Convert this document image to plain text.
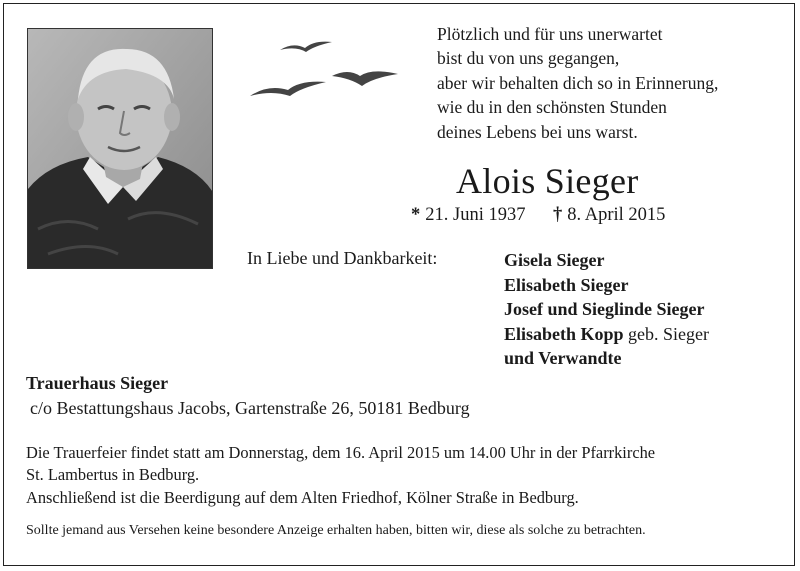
Plötzlich und für uns unerwartet
bist du von uns gegangen,
aber wir behalten dich so in Erinnerung,
wie du in den schönsten Stunden
deines Lebens bei uns warst.
Alois Sieger
* 21. Juni 1937 † 8. April 2015
In Liebe und Dankbarkeit:	Gisela Sieger
Elisabeth Sieger
Josef und Sieglinde Sieger
Elisabeth Kopp geb. Sieger
und Verwandte
Trauerhaus Sieger
c/o Bestattungshaus Jacobs, Gartenstraße 26, 50181 Bedburg
Die Trauerfeier findet statt am Donnerstag, dem 16. April 2015 um 14.00 Uhr in der Pfarrkirche
St. Lambertus in Bedburg.
Anschließend ist die Beerdigung auf dem Alten Friedhof, Kölner Straße in Bedburg.
Sollte jemand aus Versehen keine besondere Anzeige erhalten haben, bitten wir, diese als solche zu betrachten.
